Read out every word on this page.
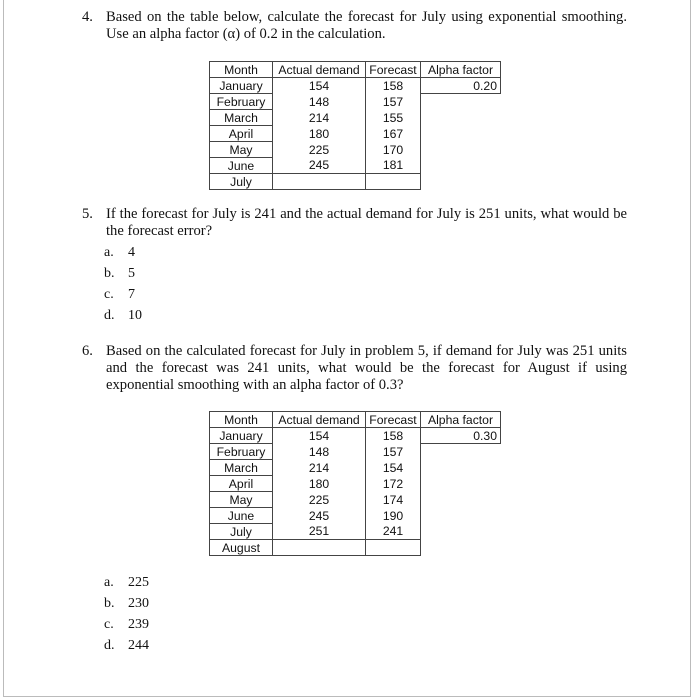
4. Based on the table below, calculate the forecast for July using exponential smoothing. Use an alpha factor (α) of 0.2 in the calculation.
Month	Actual demand	Forecast	Alpha factor
January	154	158	0.20
February	148	157	
March	214	155	
April	180	167	
May	225	170	
June	245	181	
July			
5. If the forecast for July is 241 and the actual demand for July is 251 units, what would be the forecast error?
a. 4
b. 5
c. 7
d. 10
6. Based on the calculated forecast for July in problem 5, if demand for July was 251 units and the forecast was 241 units, what would be the forecast for August if using exponential smoothing with an alpha factor of 0.3?
Month	Actual demand	Forecast	Alpha factor
January	154	158	0.30
February	148	157	
March	214	154	
April	180	172	
May	225	174	
June	245	190	
July	251	241	
August			
a. 225
b. 230
c. 239
d. 244
